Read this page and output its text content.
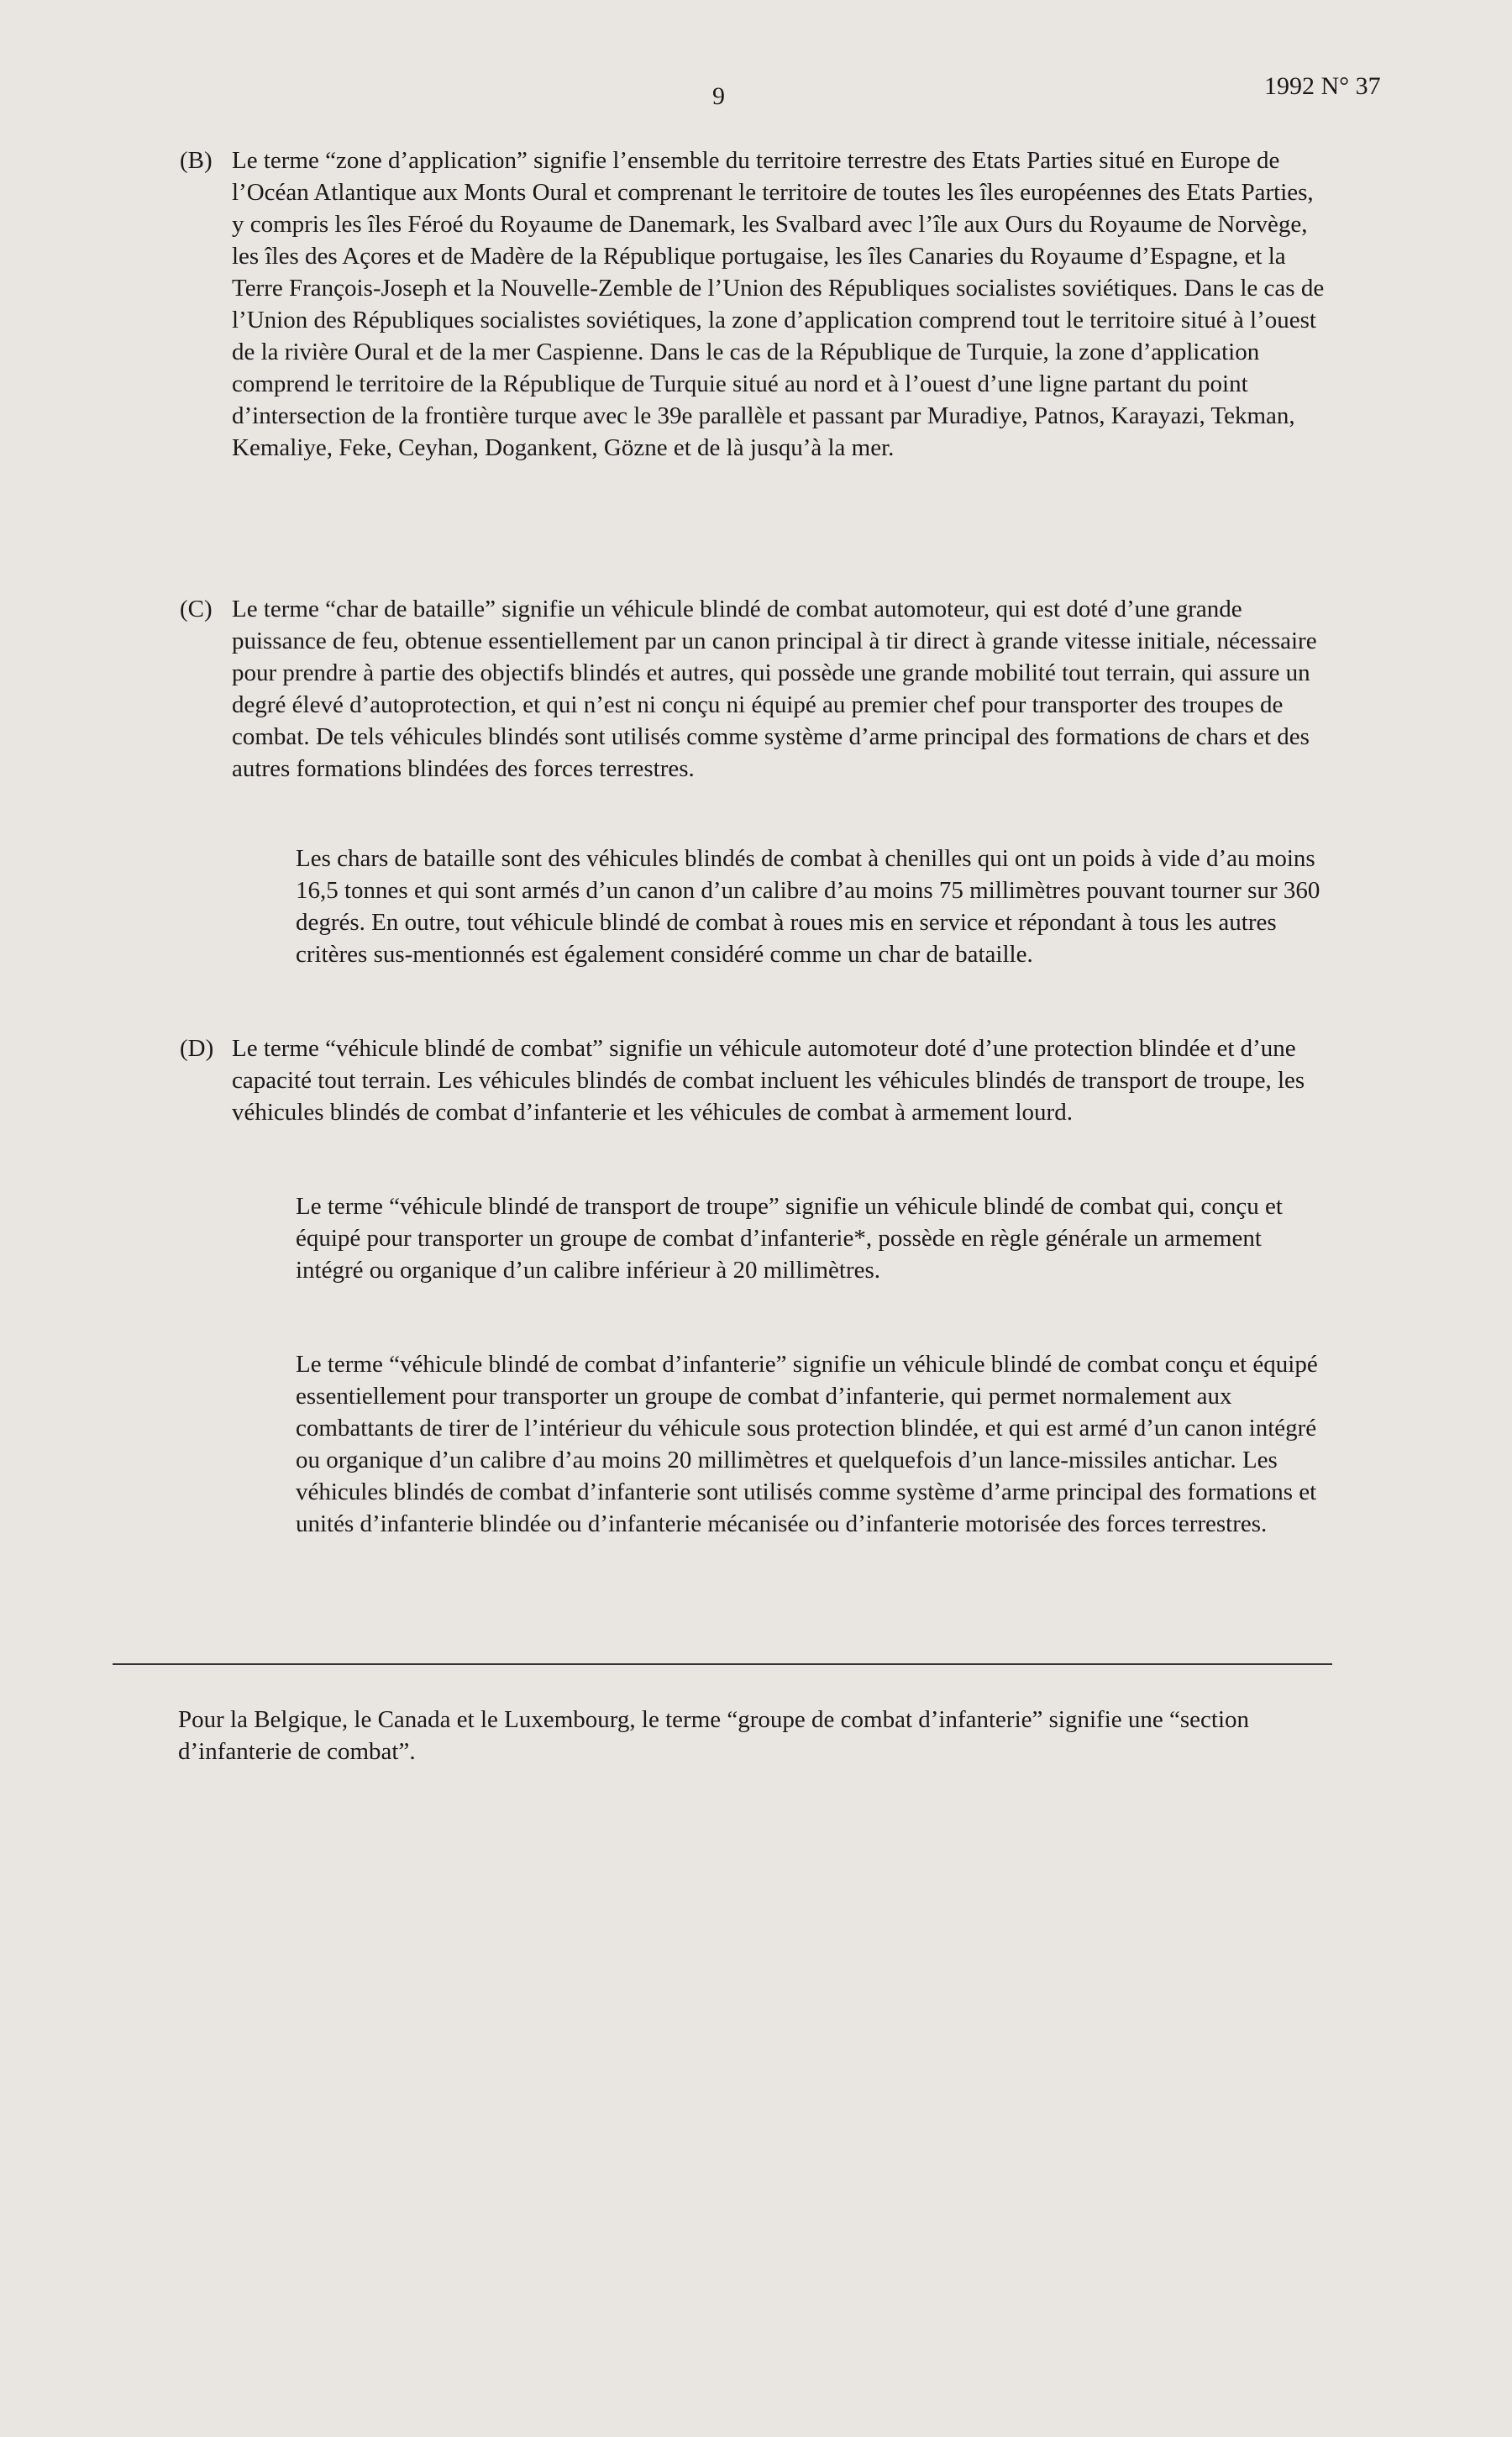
9	1992 N° 37
(B) Le terme “zone d’application” signifie l’ensemble du territoire terrestre des Etats Parties situé en Europe de l’Océan Atlantique aux Monts Oural et comprenant le territoire de toutes les îles européennes des Etats Parties, y compris les îles Féroé du Royaume de Danemark, les Svalbard avec l’île aux Ours du Royaume de Norvège, les îles des Açores et de Madère de la République portugaise, les îles Canaries du Royaume d’Espagne, et la Terre François-Joseph et la Nouvelle-Zemble de l’Union des Républiques socialistes soviétiques. Dans le cas de l’Union des Républiques socialistes soviétiques, la zone d’application comprend tout le territoire situé à l’ouest de la rivière Oural et de la mer Caspienne. Dans le cas de la République de Turquie, la zone d’application comprend le territoire de la République de Turquie situé au nord et à l’ouest d’une ligne partant du point d’intersection de la frontière turque avec le 39e parallèle et passant par Muradiye, Patnos, Karayazi, Tekman, Kemaliye, Feke, Ceyhan, Dogankent, Gözne et de là jusqu’à la mer.
(C) Le terme “char de bataille” signifie un véhicule blindé de combat automoteur, qui est doté d’une grande puissance de feu, obtenue essentiellement par un canon principal à tir direct à grande vitesse initiale, nécessaire pour prendre à partie des objectifs blindés et autres, qui possède une grande mobilité tout terrain, qui assure un degré élevé d’autoprotection, et qui n’est ni conçu ni équipé au premier chef pour transporter des troupes de combat. De tels véhicules blindés sont utilisés comme système d’arme principal des formations de chars et des autres formations blindées des forces terrestres.
Les chars de bataille sont des véhicules blindés de combat à chenilles qui ont un poids à vide d’au moins 16,5 tonnes et qui sont armés d’un canon d’un calibre d’au moins 75 millimètres pouvant tourner sur 360 degrés. En outre, tout véhicule blindé de combat à roues mis en service et répondant à tous les autres critères sus-mentionnés est également considéré comme un char de bataille.
(D) Le terme “véhicule blindé de combat” signifie un véhicule automoteur doté d’une protection blindée et d’une capacité tout terrain. Les véhicules blindés de combat incluent les véhicules blindés de transport de troupe, les véhicules blindés de combat d’infanterie et les véhicules de combat à armement lourd.
Le terme “véhicule blindé de transport de troupe” signifie un véhicule blindé de combat qui, conçu et équipé pour transporter un groupe de combat d’infanterie*, possède en règle générale un armement intégré ou organique d’un calibre inférieur à 20 millimètres.
Le terme “véhicule blindé de combat d’infanterie” signifie un véhicule blindé de combat conçu et équipé essentiellement pour transporter un groupe de combat d’infanterie, qui permet normalement aux combattants de tirer de l’intérieur du véhicule sous protection blindée, et qui est armé d’un canon intégré ou organique d’un calibre d’au moins 20 millimètres et quelquefois d’un lance-missiles antichar. Les véhicules blindés de combat d’infanterie sont utilisés comme système d’arme principal des formations et unités d’infanterie blindée ou d’infanterie mécanisée ou d’infanterie motorisée des forces terrestres.
Pour la Belgique, le Canada et le Luxembourg, le terme “groupe de combat d’infanterie” signifie une “section d’infanterie de combat”.
